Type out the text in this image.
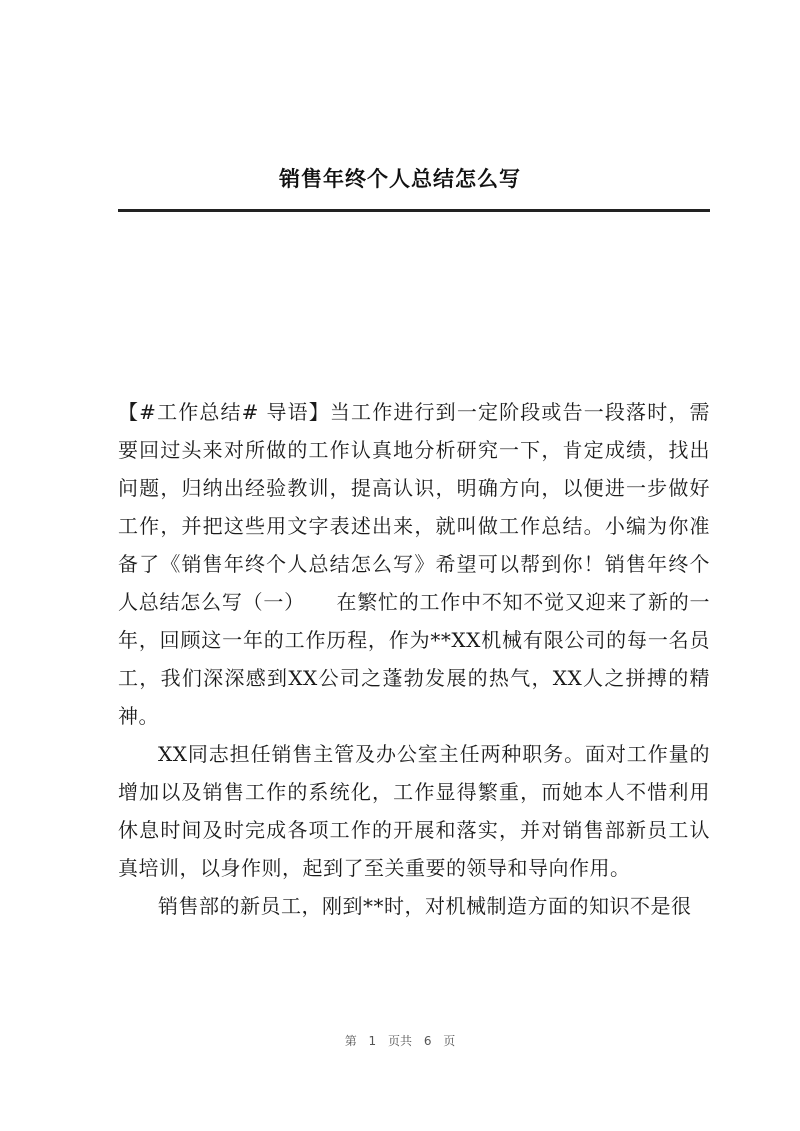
销售年终个人总结怎么写

【#工作总结# 导语】当工作进行到一定阶段或告一段落时，需要回过头来对所做的工作认真地分析研究一下，肯定成绩，找出问题，归纳出经验教训，提高认识，明确方向，以便进一步做好工作，并把这些用文字表述出来，就叫做工作总结。小编为你准备了《销售年终个人总结怎么写》希望可以帮到你！销售年终个人总结怎么写（一）　　在繁忙的工作中不知不觉又迎来了新的一年，回顾这一年的工作历程，作为**XX机械有限公司的每一名员工，我们深深感到XX公司之蓬勃发展的热气，XX人之拼搏的精神。

XX同志担任销售主管及办公室主任两种职务。面对工作量的增加以及销售工作的系统化，工作显得繁重，而她本人不惜利用休息时间及时完成各项工作的开展和落实，并对销售部新员工认真培训，以身作则，起到了至关重要的领导和导向作用。

销售部的新员工，刚到**时，对机械制造方面的知识不是很

第 1 页共 6 页
